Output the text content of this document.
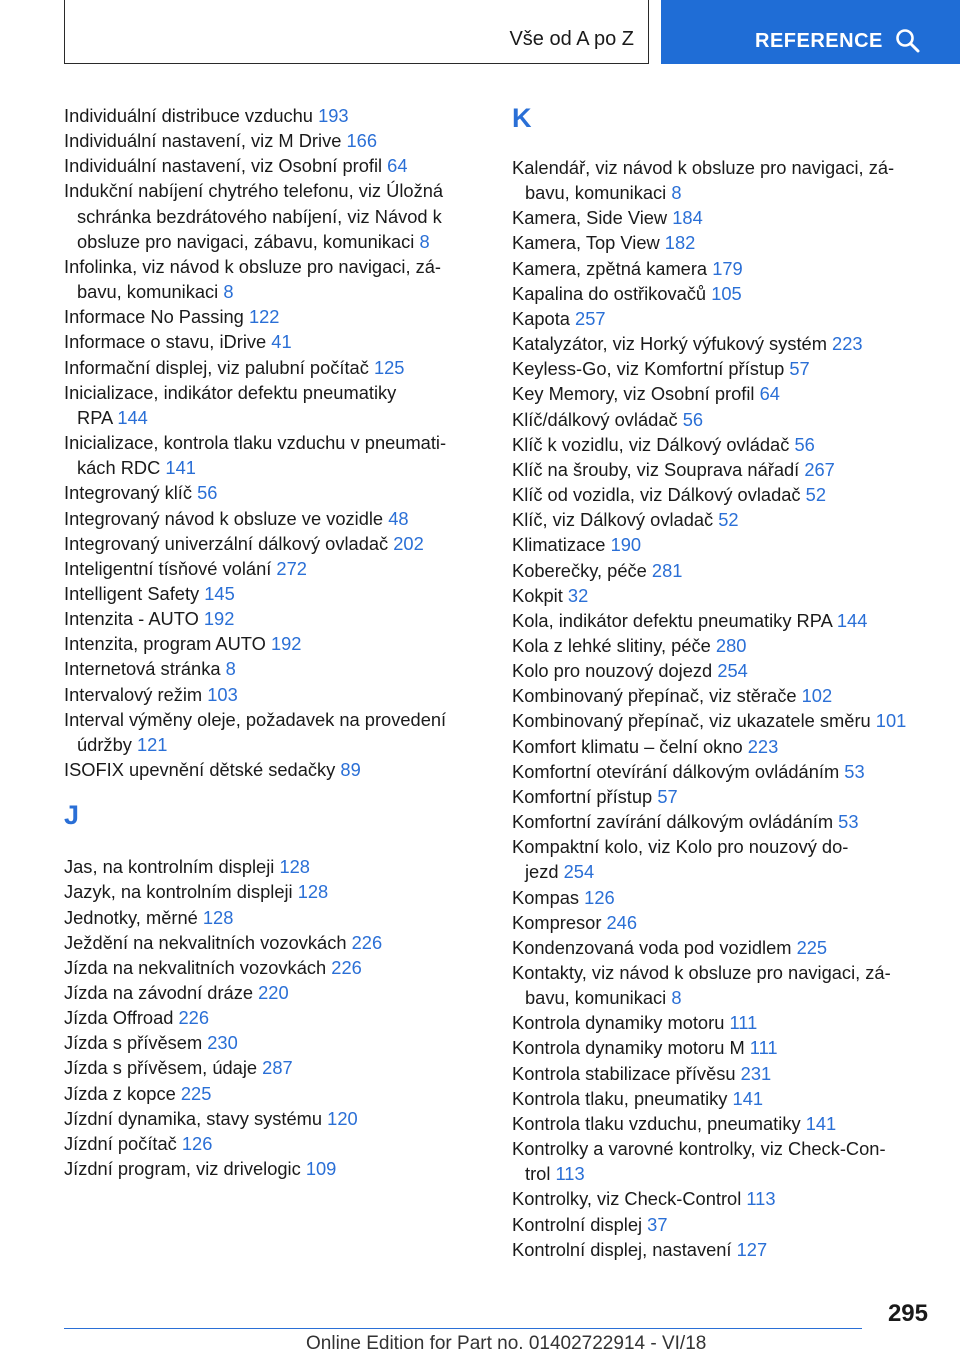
Vše od A po Z	REFERENCE
Individuální distribuce vzduchu 193
Individuální nastavení, viz M Drive 166
Individuální nastavení, viz Osobní profil 64
Indukční nabíjení chytrého telefonu, viz Úložná
schránka bezdrátového nabíjení, viz Návod k
obsluze pro navigaci, zábavu, komunikaci 8
Infolinka, viz návod k obsluze pro navigaci, zá-
bavu, komunikaci 8
Informace No Passing 122
Informace o stavu, iDrive 41
Informační displej, viz palubní počítač 125
Inicializace, indikátor defektu pneumatiky
RPA 144
Inicializace, kontrola tlaku vzduchu v pneumati-
kách RDC 141
Integrovaný klíč 56
Integrovaný návod k obsluze ve vozidle 48
Integrovaný univerzální dálkový ovladač 202
Inteligentní tísňové volání 272
Intelligent Safety 145
Intenzita - AUTO 192
Intenzita, program AUTO 192
Internetová stránka 8
Intervalový režim 103
Interval výměny oleje, požadavek na provedení
údržby 121
ISOFIX upevnění dětské sedačky 89
J
Jas, na kontrolním displeji 128
Jazyk, na kontrolním displeji 128
Jednotky, měrné 128
Ježdění na nekvalitních vozovkách 226
Jízda na nekvalitních vozovkách 226
Jízda na závodní dráze 220
Jízda Offroad 226
Jízda s přívěsem 230
Jízda s přívěsem, údaje 287
Jízda z kopce 225
Jízdní dynamika, stavy systému 120
Jízdní počítač 126
Jízdní program, viz drivelogic 109
K
Kalendář, viz návod k obsluze pro navigaci, zá-
bavu, komunikaci 8
Kamera, Side View 184
Kamera, Top View 182
Kamera, zpětná kamera 179
Kapalina do ostřikovačů 105
Kapota 257
Katalyzátor, viz Horký výfukový systém 223
Keyless-Go, viz Komfortní přístup 57
Key Memory, viz Osobní profil 64
Klíč/dálkový ovládač 56
Klíč k vozidlu, viz Dálkový ovládač 56
Klíč na šrouby, viz Souprava nářadí 267
Klíč od vozidla, viz Dálkový ovladač 52
Klíč, viz Dálkový ovladač 52
Klimatizace 190
Koberečky, péče 281
Kokpit 32
Kola, indikátor defektu pneumatiky RPA 144
Kola z lehké slitiny, péče 280
Kolo pro nouzový dojezd 254
Kombinovaný přepínač, viz stěrače 102
Kombinovaný přepínač, viz ukazatele směru 101
Komfort klimatu – čelní okno 223
Komfortní otevírání dálkovým ovládáním 53
Komfortní přístup 57
Komfortní zavírání dálkovým ovládáním 53
Kompaktní kolo, viz Kolo pro nouzový do-
jezd 254
Kompas 126
Kompresor 246
Kondenzovaná voda pod vozidlem 225
Kontakty, viz návod k obsluze pro navigaci, zá-
bavu, komunikaci 8
Kontrola dynamiky motoru 111
Kontrola dynamiky motoru M 111
Kontrola stabilizace přívěsu 231
Kontrola tlaku, pneumatiky 141
Kontrola tlaku vzduchu, pneumatiky 141
Kontrolky a varovné kontrolky, viz Check-Con-
trol 113
Kontrolky, viz Check-Control 113
Kontrolní displej 37
Kontrolní displej, nastavení 127
295
Online Edition for Part no. 01402722914 - VI/18
